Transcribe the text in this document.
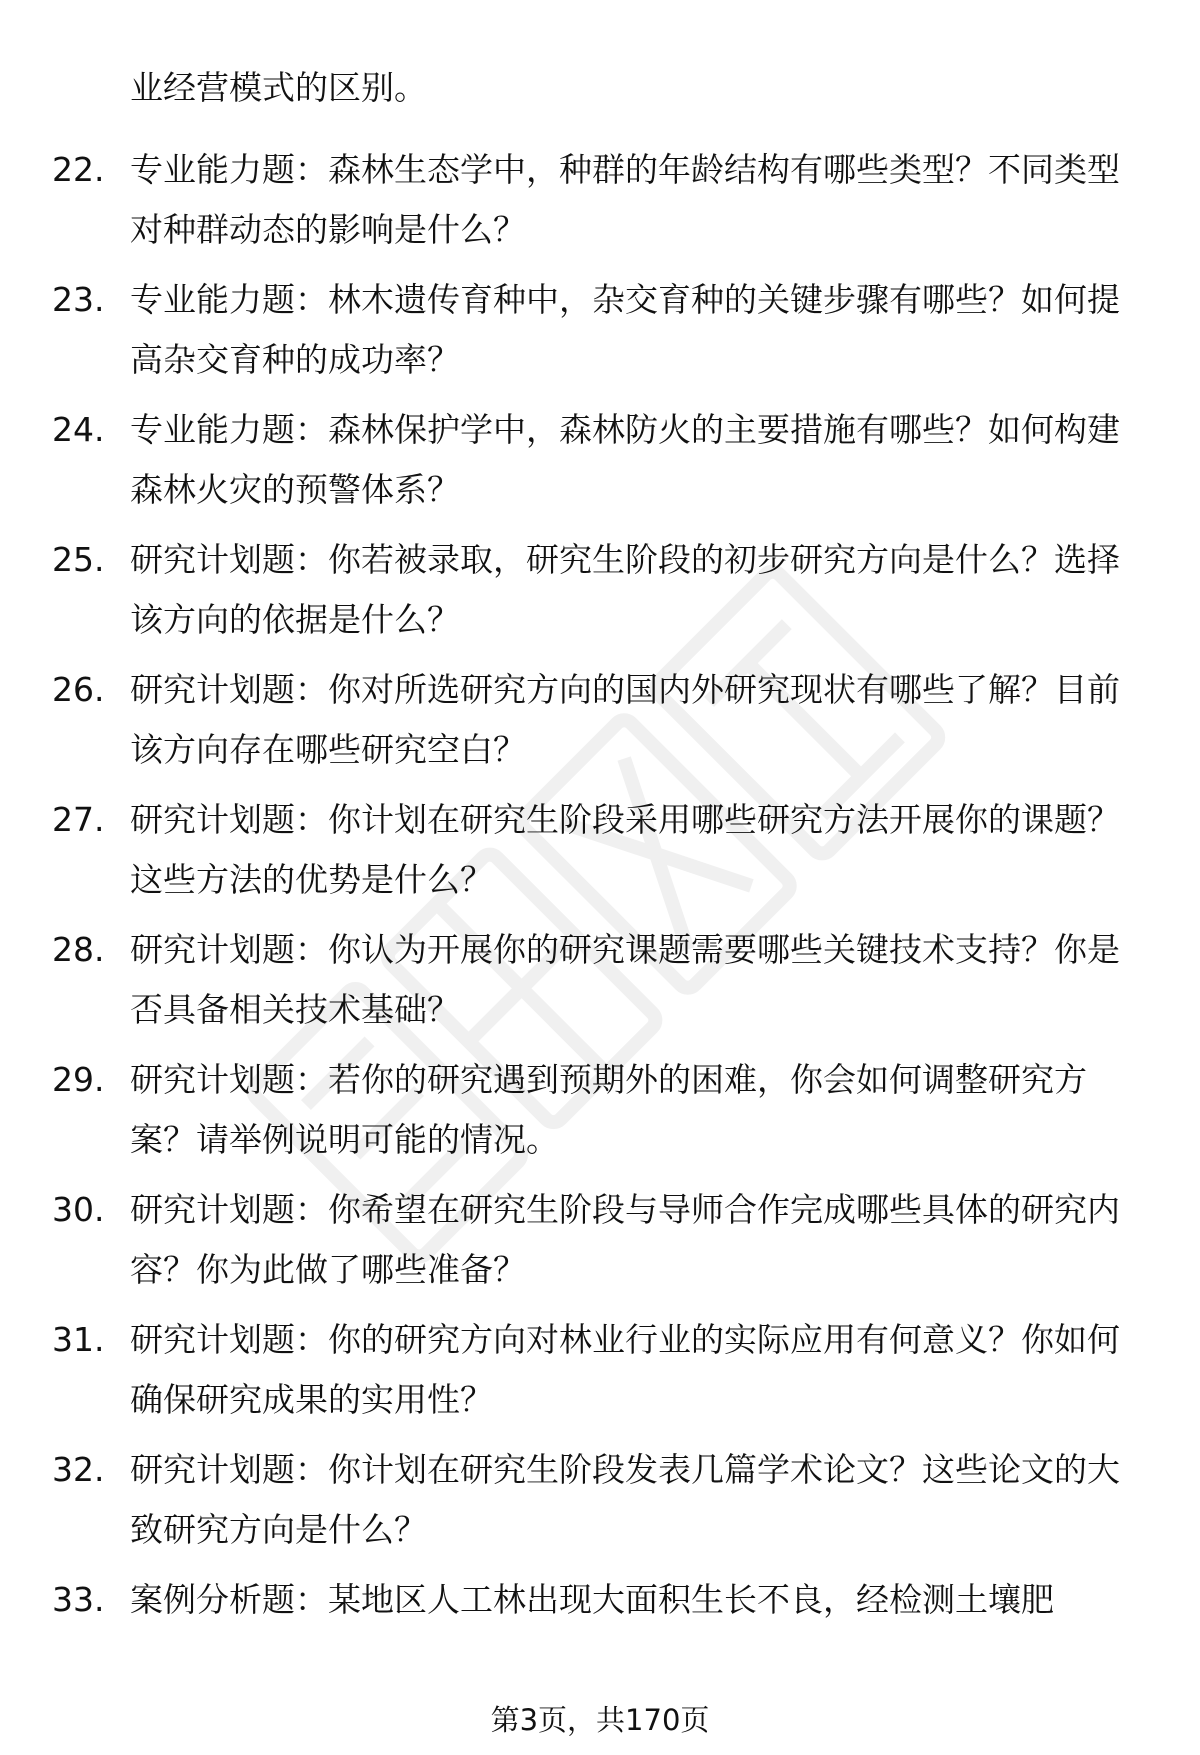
业经营模式的区别。
22. 专业能力题：森林生态学中，种群的年龄结构有哪些类型？不同类型对种群动态的影响是什么？
23. 专业能力题：林木遗传育种中，杂交育种的关键步骤有哪些？如何提高杂交育种的成功率？
24. 专业能力题：森林保护学中，森林防火的主要措施有哪些？如何构建森林火灾的预警体系？
25. 研究计划题：你若被录取，研究生阶段的初步研究方向是什么？选择该方向的依据是什么？
26. 研究计划题：你对所选研究方向的国内外研究现状有哪些了解？目前该方向存在哪些研究空白？
27. 研究计划题：你计划在研究生阶段采用哪些研究方法开展你的课题？这些方法的优势是什么？
28. 研究计划题：你认为开展你的研究课题需要哪些关键技术支持？你是否具备相关技术基础？
29. 研究计划题：若你的研究遇到预期外的困难，你会如何调整研究方案？请举例说明可能的情况。
30. 研究计划题：你希望在研究生阶段与导师合作完成哪些具体的研究内容？你为此做了哪些准备？
31. 研究计划题：你的研究方向对林业行业的实际应用有何意义？你如何确保研究成果的实用性？
32. 研究计划题：你计划在研究生阶段发表几篇学术论文？这些论文的大致研究方向是什么？
33. 案例分析题：某地区人工林出现大面积生长不良，经检测土壤肥
第3页，共170页
